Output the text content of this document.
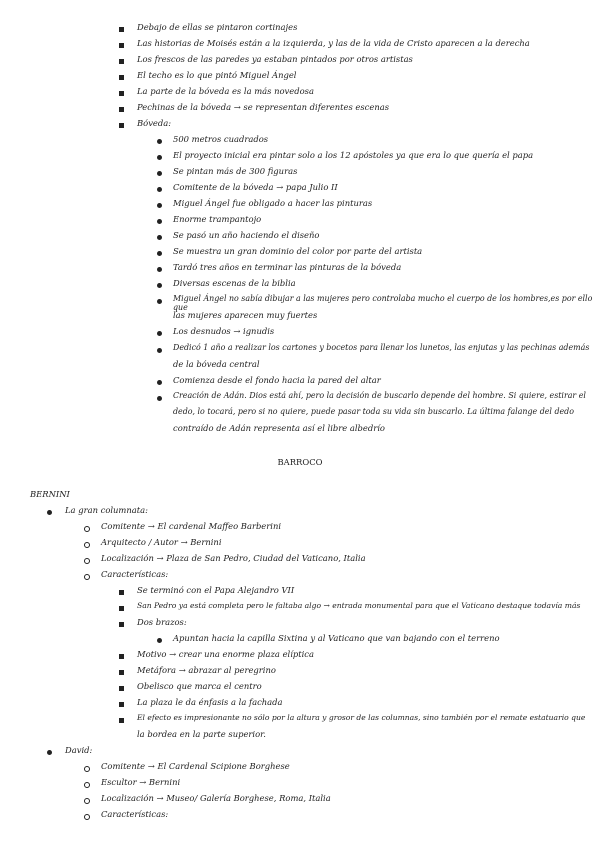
Debajo de ellas se pintaron cortinajes
Las historias de Moisés están a la izquierda, y las de la vida de Cristo aparecen a la derecha
Los frescos de las paredes ya estaban pintados por otros artistas
El techo es lo que pintó Miguel Ángel
La parte de la bóveda es la más novedosa
Pechinas de la bóveda → se representan diferentes escenas
Bóveda:
500 metros cuadrados
El proyecto inicial era pintar solo a los 12 apóstoles ya que era lo que quería el papa
Se pintan más de 300 figuras
Comitente de la bóveda → papa Julio II
Miguel Ángel fue obligado a hacer las pinturas
Enorme trampantojo
Se pasó un año haciendo el diseño
Se muestra un gran dominio del color por parte del artista
Tardó tres años en terminar las pinturas de la bóveda
Diversas escenas de la biblia
Miguel Ángel no sabía dibujar a las mujeres pero controlaba mucho el cuerpo de los hombres,es por ello que
las mujeres aparecen muy fuertes
Los desnudos → ignudis
Dedicó 1 año a realizar los cartones y bocetos para llenar los lunetos, las enjutas y las pechinas además
de la bóveda central
Comienza desde el fondo hacia la pared del altar
Creación de Adán. Dios está ahí, pero la decisión de buscarlo depende del hombre. Si quiere, estirar el
dedo, lo tocará, pero si no quiere, puede pasar toda su vida sin buscarlo. La última falange del dedo
contraído de Adán representa así el libre albedrío
BARROCO
BERNINI
La gran columnata:
Comitente → El cardenal Maffeo Barberini
Arquitecto / Autor → Bernini
Localización → Plaza de San Pedro, Ciudad del Vaticano, Italia
Características:
Se terminó con el Papa Alejandro VII
San Pedro ya está completa pero le faltaba algo → entrada monumental para que el Vaticano destaque todavía más
Dos brazos:
Apuntan hacia la capilla Sixtina y al Vaticano que van bajando con el terreno
Motivo → crear una enorme plaza elíptica
Metáfora → abrazar al peregrino
Obelisco que marca el centro
La plaza le da énfasis a la fachada
El efecto es impresionante no sólo por la altura y grosor de las columnas, sino también por el remate estatuario que
la bordea en la parte superior.
David:
Comitente → El Cardenal Scipione Borghese
Escultor → Bernini
Localización → Museo/ Galería Borghese, Roma, Italia
Características:
